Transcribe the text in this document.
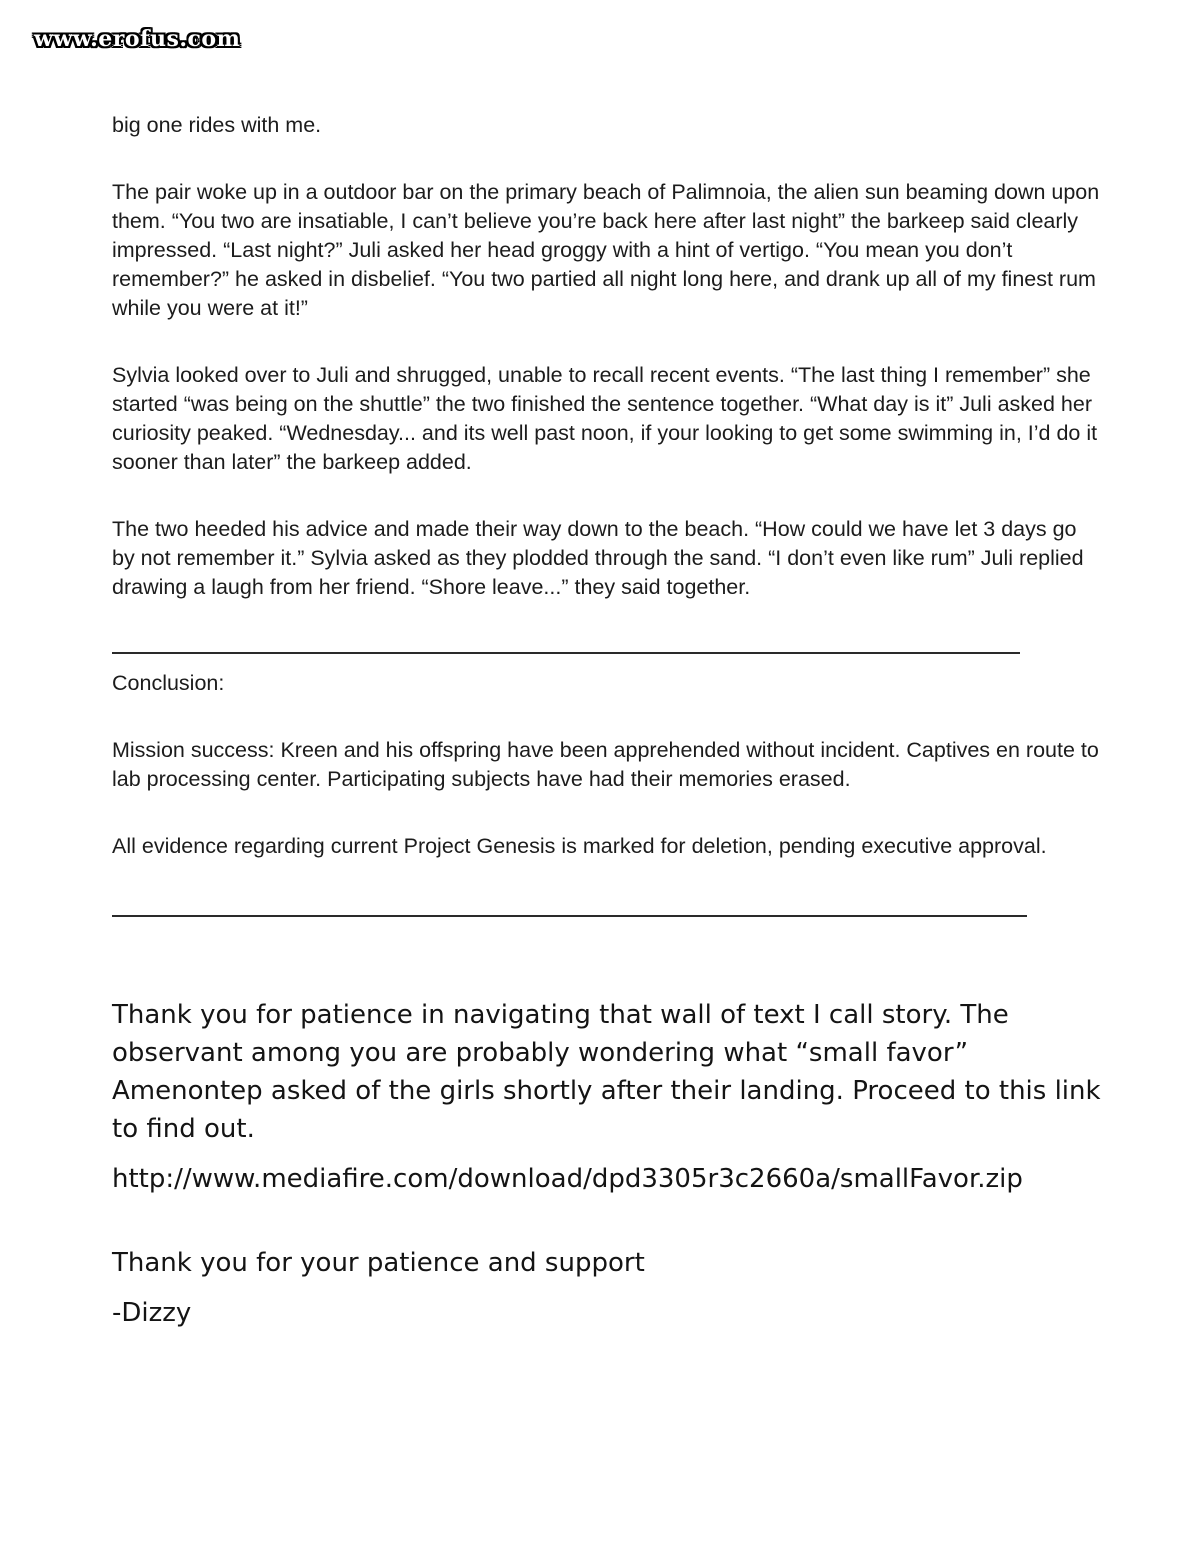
www.erofus.com

big one rides with me.

The pair woke up in a outdoor bar on the primary beach of Palimnoia, the alien sun beaming down upon them. “You two are insatiable, I can’t believe you’re back here after last night” the barkeep said clearly impressed. “Last night?” Juli asked her head groggy with a hint of vertigo. “You mean you don’t remember?” he asked in disbelief. “You two partied all night long here, and drank up all of my finest rum while you were at it!”

Sylvia looked over to Juli and shrugged, unable to recall recent events. “The last thing I remember” she started “was being on the shuttle” the two finished the sentence together. “What day is it” Juli asked her curiosity peaked. “Wednesday... and its well past noon, if your looking to get some swimming in, I’d do it sooner than later” the barkeep added.

The two heeded his advice and made their way down to the beach. “How could we have let 3 days go by not remember it.” Sylvia asked as they plodded through the sand. “I don’t even like rum” Juli replied drawing a laugh from her friend. “Shore leave...” they said together.

Conclusion:

Mission success: Kreen and his offspring have been apprehended without incident. Captives en route to lab processing center. Participating subjects have had their memories erased.

All evidence regarding current Project Genesis is marked for deletion, pending executive approval.

Thank you for patience in navigating that wall of text I call story. The observant among you are probably wondering what “small favor” Amenontep asked of the girls shortly after their landing. Proceed to this link to find out.

http://www.mediafire.com/download/dpd3305r3c2660a/smallFavor.zip

Thank you for your patience and support

-Dizzy
